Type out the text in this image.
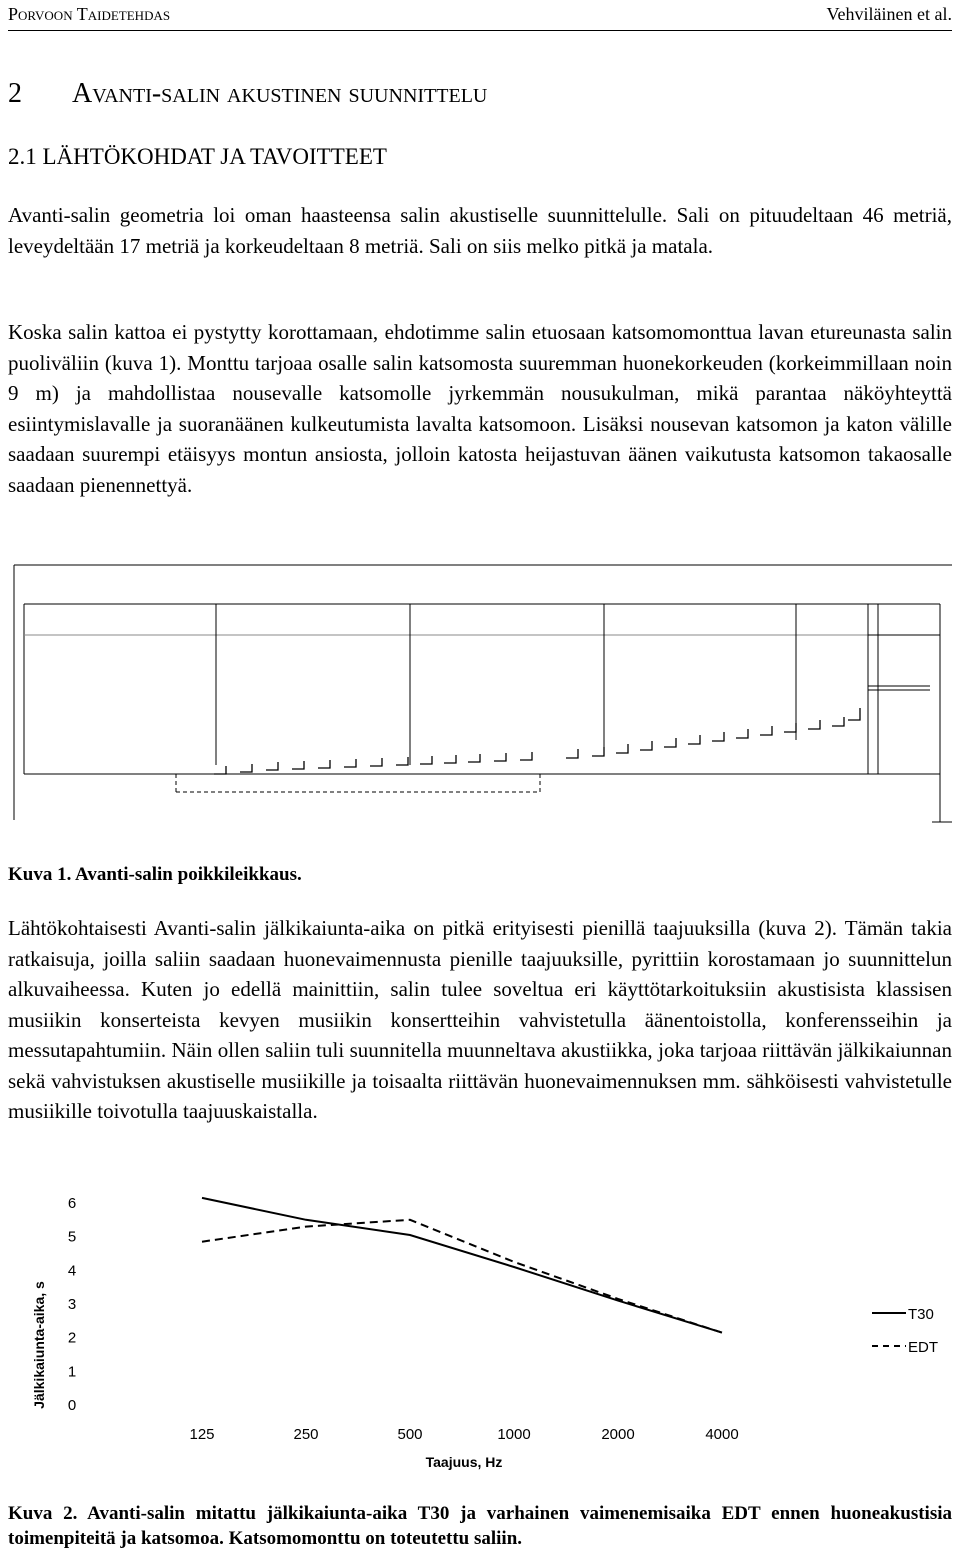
Porvoon Taidetehdas	Vehviläinen et al.
2 Avanti-salin akustinen suunnittelu
2.1 LÄHTÖKOHDAT JA TAVOITTEET

Avanti-salin geometria loi oman haasteensa salin akustiselle suunnittelulle. Sali on pituudeltaan 46 metriä, leveydeltään 17 metriä ja korkeudeltaan 8 metriä. Sali on siis melko pitkä ja matala.

Koska salin kattoa ei pystytty korottamaan, ehdotimme salin etuosaan katsomomonttua lavan etureunasta salin puoliväliin (kuva 1). Monttu tarjoaa osalle salin katsomosta suuremman huonekorkeuden (korkeimmillaan noin 9 m) ja mahdollistaa nousevalle katsomolle jyrkemmän nousukulman, mikä parantaa näköyhteyttä esiintymislavalle ja suoranäänen kulkeutumista lavalta katsomoon. Lisäksi nousevan katsomon ja katon välille saadaan suurempi etäisyys montun ansiosta, jolloin katosta heijastuvan äänen vaikutusta katsomon takaosalle saadaan pienennettyä.

Kuva 1. Avanti-salin poikkileikkaus.

Lähtökohtaisesti Avanti-salin jälkikaiunta-aika on pitkä erityisesti pienillä taajuuksilla (kuva 2). Tämän takia ratkaisuja, joilla saliin saadaan huonevaimennusta pienille taajuuksille, pyrittiin korostamaan jo suunnittelun alkuvaiheessa. Kuten jo edellä mainittiin, salin tulee soveltua eri käyttötarkoituksiin akustisista klassisen musiikin konserteista kevyen musiikin konsertteihin vahvistetulla äänentoistolla, konferensseihin ja messutapahtumiin. Näin ollen saliin tuli suunnitella muunneltava akustiikka, joka tarjoaa riittävän jälkikaiunnan sekä vahvistuksen akustiselle musiikille ja toisaalta riittävän huonevaimennuksen mm. sähköisesti vahvistetulle musiikille toivotulla taajuuskaistalla.

Jälkikaiunta-aika, s 0
1
2
3
4
5
6
125	250	500	1000	2000	4000
Taajuus, Hz
T30
EDT
Kuva 2. Avanti-salin mitattu jälkikaiunta-aika T30 ja varhainen vaimenemisaika EDT ennen huoneakustisia toimenpiteitä ja katsomoa. Katsomomonttu on toteutettu saliin.
